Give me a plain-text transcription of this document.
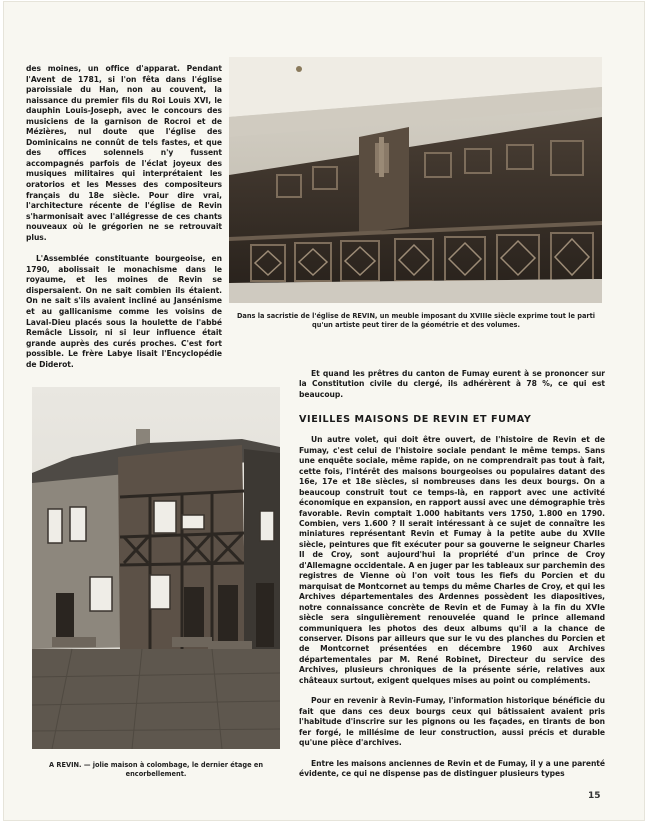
des moines, un office d'apparat. Pendant l'Avent de 1781, si l'on fêta dans l'église paroissiale du Han, non au couvent, la naissance du premier fils du Roi Louis XVI, le dauphin Louis-Joseph, avec le concours des musiciens de la garnison de Rocroi et de Mézières, nul doute que l'église des Dominicains ne connût de tels fastes, et que des offices solennels n'y fussent accompagnés parfois de l'éclat joyeux des musiques militaires qui interprétaient les oratorios et les Messes des compositeurs français du 18e siècle. Pour dire vrai, l'architecture récente de l'église de Revin s'harmonisait avec l'allégresse de ces chants nouveaux où le grégorien ne se retrouvait plus.

L'Assemblée constituante bourgeoise, en 1790, abolissait le monachisme dans le royaume, et les moines de Revin se dispersaient. On ne sait combien ils étaient. On ne sait s'ils avaient incliné au Jansénisme et au gallicanisme comme les voisins de Laval-Dieu placés sous la houlette de l'abbé Remâcle Lissoir, ni si leur influence était grande auprès des curés proches. C'est fort possible. Le frère Labye lisait l'Encyclopédie de Diderot.

Dans la sacristie de l'église de REVIN, un meuble imposant du XVIIIe siècle exprime tout le parti qu'un artiste peut tirer de la géométrie et des volumes.
A REVIN. — jolie maison à colombage, le dernier étage en encorbellement.

Et quand les prêtres du canton de Fumay eurent à se prononcer sur la Constitution civile du clergé, ils adhérèrent à 78 %, ce qui est beaucoup.

VIEILLES MAISONS DE REVIN ET FUMAY

Un autre volet, qui doit être ouvert, de l'histoire de Revin et de Fumay, c'est celui de l'histoire sociale pendant le même temps. Sans une enquête sociale, même rapide, on ne comprendrait pas tout à fait, cette fois, l'intérêt des maisons bourgeoises ou populaires datant des 16e, 17e et 18e siècles, si nombreuses dans les deux bourgs. On a beaucoup construit tout ce temps-là, en rapport avec une activité économique en expansion, en rapport aussi avec une démographie très favorable. Revin comptait 1.000 habitants vers 1750, 1.800 en 1790. Combien, vers 1.600 ? Il serait intéressant à ce sujet de connaître les miniatures représentant Revin et Fumay à la petite aube du XVIIe siècle, peintures que fit exécuter pour sa gouverne le seigneur Charles II de Croy, sont aujourd'hui la propriété d'un prince de Croy d'Allemagne occidentale. A en juger par les tableaux sur parchemin des registres de Vienne où l'on voit tous les fiefs du Porcien et du marquisat de Montcornet au temps du même Charles de Croy, et qui les Archives départementales des Ardennes possèdent les diapositives, notre connaissance concrète de Revin et de Fumay à la fin du XVIe siècle sera singulièrement renouvelée quand le prince allemand communiquera les photos des deux albums qu'il a la chance de conserver. Disons par ailleurs que sur le vu des planches du Porcien et de Montcornet présentées en décembre 1960 aux Archives départementales par M. René Robinet, Directeur du service des Archives, plusieurs chroniques de la présente série, relatives aux châteaux surtout, exigent quelques mises au point ou compléments.

Pour en revenir à Revin-Fumay, l'information historique bénéficie du fait que dans ces deux bourgs ceux qui bâtissaient avaient pris l'habitude d'inscrire sur les pignons ou les façades, en tirants de bon fer forgé, le millésime de leur construction, aussi précis et durable qu'une pièce d'archives.

Entre les maisons anciennes de Revin et de Fumay, il y a une parenté évidente, ce qui ne dispense pas de distinguer plusieurs types

15
